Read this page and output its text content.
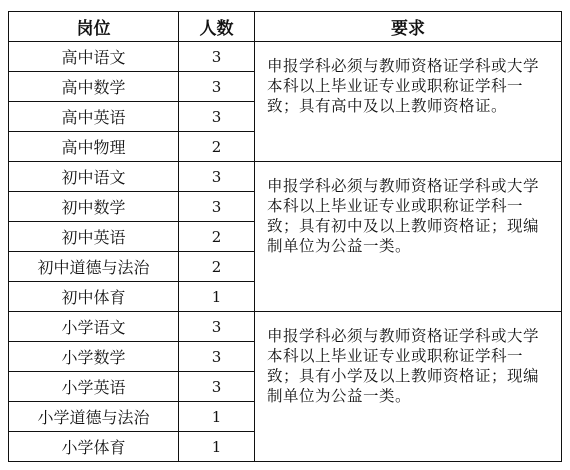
岗位	人数	要求
高中语文	3	申报学科必须与教师资格证学科或大学本科以上毕业证专业或职称证学科一致；具有高中及以上教师资格证。
高中数学	3	
高中英语	3	
高中物理	2	
初中语文	3	申报学科必须与教师资格证学科或大学本科以上毕业证专业或职称证学科一致；具有初中及以上教师资格证；现编制单位为公益一类。
初中数学	3	
初中英语	2	
初中道德与法治	2	
初中体育	1	
小学语文	3	申报学科必须与教师资格证学科或大学本科以上毕业证专业或职称证学科一致；具有小学及以上教师资格证；现编制单位为公益一类。
小学数学	3	
小学英语	3	
小学道德与法治	1	
小学体育	1	
